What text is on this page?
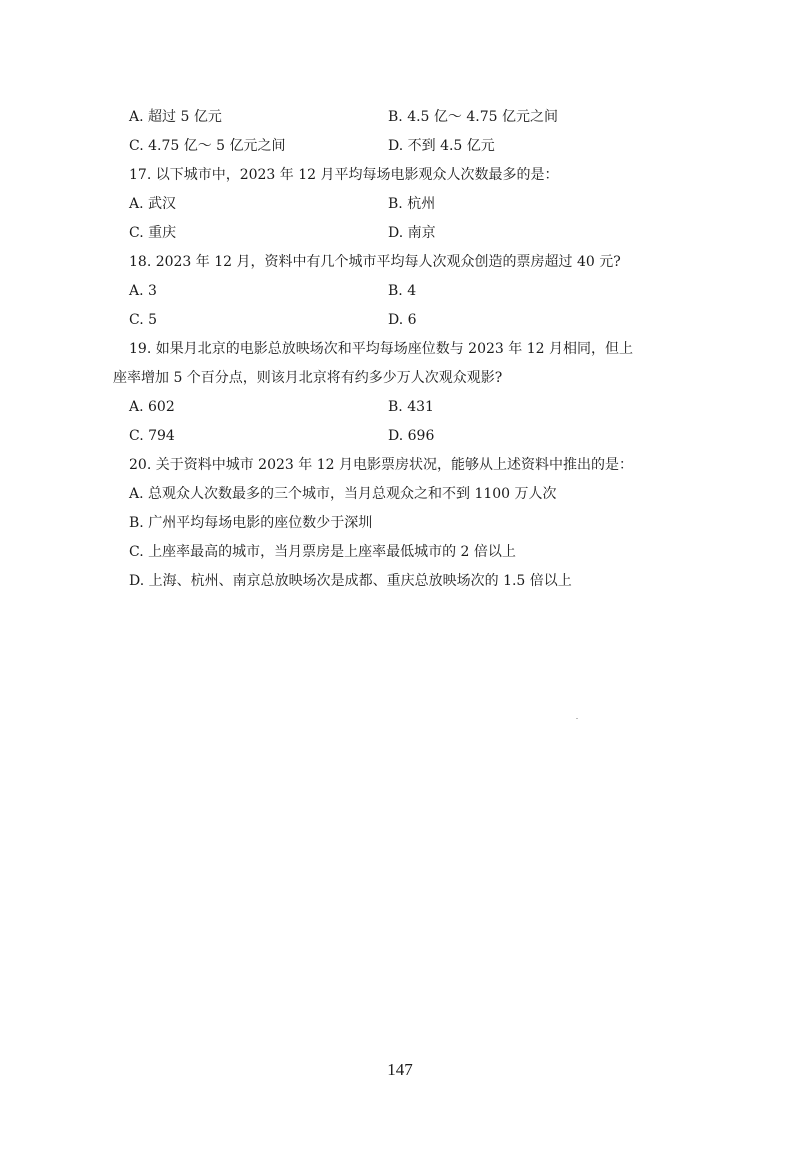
A. 超过 5 亿元	B. 4.5 亿～ 4.75 亿元之间
C. 4.75 亿～ 5 亿元之间	D. 不到 4.5 亿元
17. 以下城市中，2023 年 12 月平均每场电影观众人次数最多的是：
A. 武汉	B. 杭州
C. 重庆	D. 南京
18. 2023 年 12 月，资料中有几个城市平均每人次观众创造的票房超过 40 元?
A. 3	B. 4
C. 5	D. 6
19. 如果月北京的电影总放映场次和平均每场座位数与 2023 年 12 月相同，但上
座率增加 5 个百分点，则该月北京将有约多少万人次观众观影?
A. 602	B. 431
C. 794	D. 696
20. 关于资料中城市 2023 年 12 月电影票房状况，能够从上述资料中推出的是：
A. 总观众人次数最多的三个城市，当月总观众之和不到 1100 万人次
B. 广州平均每场电影的座位数少于深圳
C. 上座率最高的城市，当月票房是上座率最低城市的 2 倍以上
D. 上海、杭州、南京总放映场次是成都、重庆总放映场次的 1.5 倍以上
147
